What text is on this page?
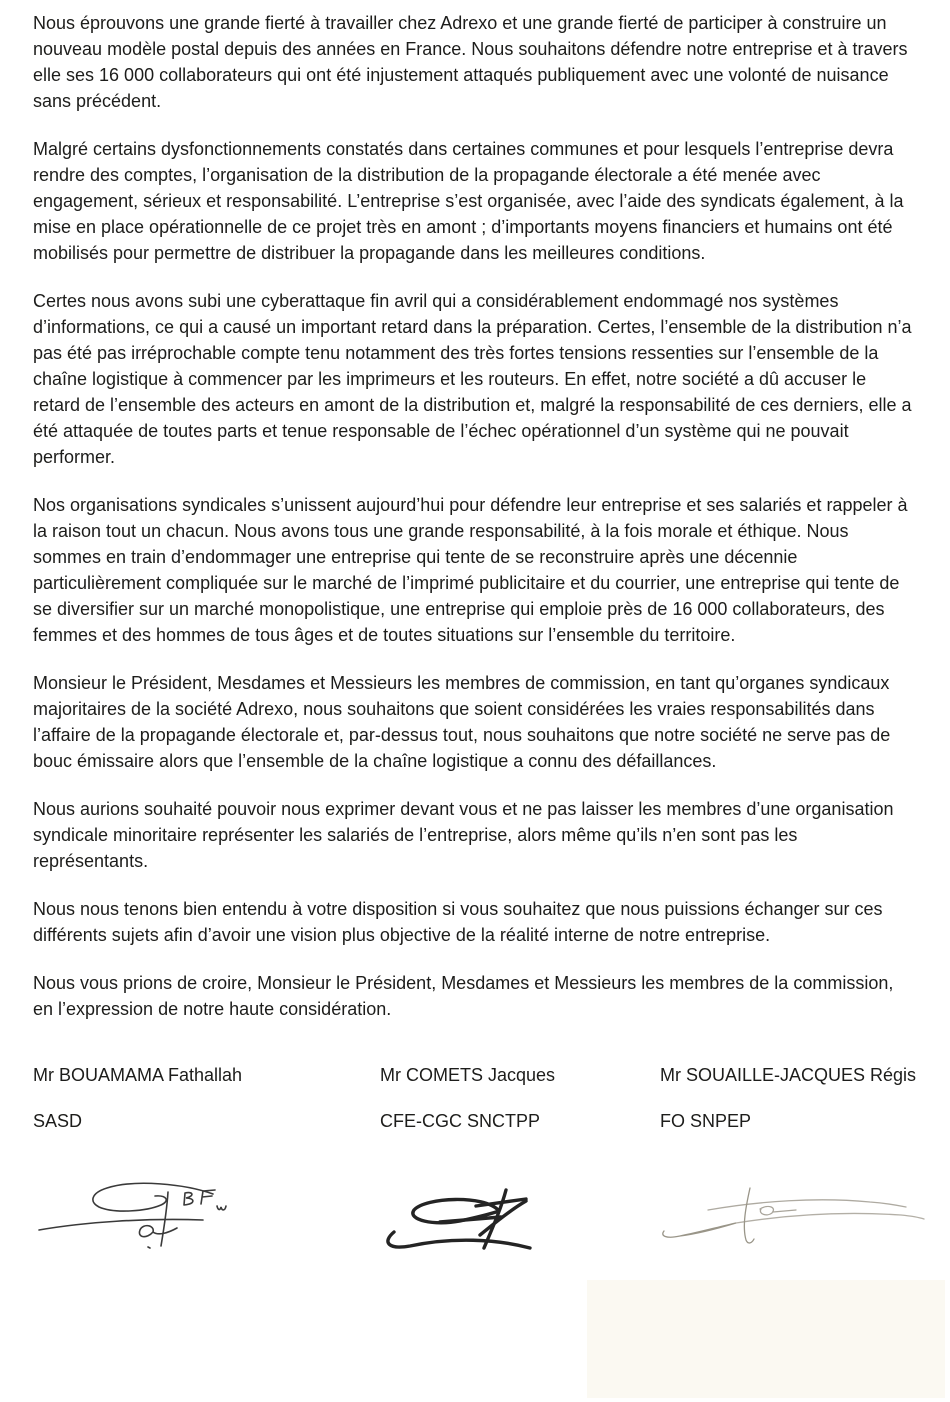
Nous éprouvons une grande fierté à travailler chez Adrexo et une grande fierté de participer à construire un nouveau modèle postal depuis des années en France. Nous souhaitons défendre notre entreprise et à travers elle ses 16 000 collaborateurs qui ont été injustement attaqués publiquement avec une volonté de nuisance sans précédent.

Malgré certains dysfonctionnements constatés dans certaines communes et pour lesquels l’entreprise devra rendre des comptes, l’organisation de la distribution de la propagande électorale a été menée avec engagement, sérieux et responsabilité. L’entreprise s’est organisée, avec l’aide des syndicats également, à la mise en place opérationnelle de ce projet très en amont ; d’importants moyens financiers et humains ont été mobilisés pour permettre de distribuer la propagande dans les meilleures conditions.

Certes nous avons subi une cyberattaque fin avril qui a considérablement endommagé nos systèmes d’informations, ce qui a causé un important retard dans la préparation. Certes, l’ensemble de la distribution n’a pas été pas irréprochable compte tenu notamment des très fortes tensions ressenties sur l’ensemble de la chaîne logistique à commencer par les imprimeurs et les routeurs. En effet, notre société a dû accuser le retard de l’ensemble des acteurs en amont de la distribution et, malgré la responsabilité de ces derniers, elle a été attaquée de toutes parts et tenue responsable de l’échec opérationnel d’un système qui ne pouvait performer.

Nos organisations syndicales s’unissent aujourd’hui pour défendre leur entreprise et ses salariés et rappeler à la raison tout un chacun. Nous avons tous une grande responsabilité, à la fois morale et éthique. Nous sommes en train d’endommager une entreprise qui tente de se reconstruire après une décennie particulièrement compliquée sur le marché de l’imprimé publicitaire et du courrier, une entreprise qui tente de se diversifier sur un marché monopolistique, une entreprise qui emploie près de 16 000 collaborateurs, des femmes et des hommes de tous âges et de toutes situations sur l’ensemble du territoire.

Monsieur le Président, Mesdames et Messieurs les membres de commission, en tant qu’organes syndicaux majoritaires de la société Adrexo, nous souhaitons que soient considérées les vraies responsabilités dans l’affaire de la propagande électorale et, par-dessus tout, nous souhaitons que notre société ne serve pas de bouc émissaire alors que l’ensemble de la chaîne logistique a connu des défaillances.

Nous aurions souhaité pouvoir nous exprimer devant vous et ne pas laisser les membres d’une organisation syndicale minoritaire représenter les salariés de l’entreprise, alors même qu’ils n’en sont pas les représentants.

Nous nous tenons bien entendu à votre disposition si vous souhaitez que nous puissions échanger sur ces différents sujets afin d’avoir une vision plus objective de la réalité interne de notre entreprise.

Nous vous prions de croire, Monsieur le Président, Mesdames et Messieurs les membres de la commission, en l’expression de notre haute considération.

Mr BOUAMAMA Fathallah
SASD
Mr COMETS Jacques
CFE-CGC SNCTPP
Mr SOUAILLE-JACQUES Régis
FO SNPEP
